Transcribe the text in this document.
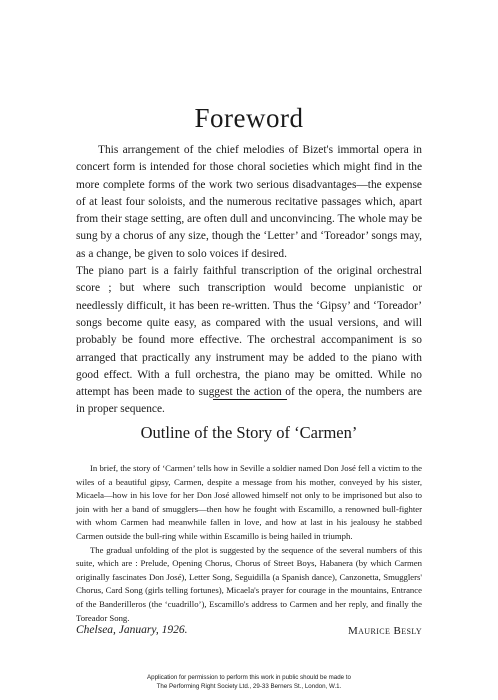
Foreword

This arrangement of the chief melodies of Bizet's immortal opera in concert form is intended for those choral societies which might find in the more complete forms of the work two serious disadvantages—the expense of at least four soloists, and the numerous recitative passages which, apart from their stage setting, are often dull and unconvincing. The whole may be sung by a chorus of any size, though the ‘Letter’ and ‘Toreador’ songs may, as a change, be given to solo voices if desired.

The piano part is a fairly faithful transcription of the original orchestral score ; but where such transcription would become unpianistic or needlessly difficult, it has been re-written. Thus the ‘Gipsy’ and ‘Toreador’ songs become quite easy, as compared with the usual versions, and will probably be found more effective. The orchestral accompaniment is so arranged that practically any instrument may be added to the piano with good effect. With a full orchestra, the piano may be omitted. While no attempt has been made to suggest the action of the opera, the numbers are in proper sequence.

Outline of the Story of ‘Carmen’

In brief, the story of ‘Carmen’ tells how in Seville a soldier named Don José fell a victim to the wiles of a beautiful gipsy, Carmen, despite a message from his mother, conveyed by his sister, Micaela—how in his love for her Don José allowed himself not only to be imprisoned but also to join with her a band of smugglers—then how he fought with Escamillo, a renowned bull-fighter with whom Carmen had meanwhile fallen in love, and how at last in his jealousy he stabbed Carmen outside the bull-ring while within Escamillo is being hailed in triumph.

The gradual unfolding of the plot is suggested by the sequence of the several numbers of this suite, which are : Prelude, Opening Chorus, Chorus of Street Boys, Habanera (by which Carmen originally fascinates Don José), Letter Song, Seguidilla (a Spanish dance), Canzonetta, Smugglers' Chorus, Card Song (girls telling fortunes), Micaela's prayer for courage in the mountains, Entrance of the Banderilleros (the ‘cuadrillo’), Escamillo's address to Carmen and her reply, and finally the Toreador Song.

Chelsea, January, 1926.	Maurice Besly
Application for permission to perform this work in public should be made to
The Performing Right Society Ltd., 29-33 Berners St., London, W.1.
